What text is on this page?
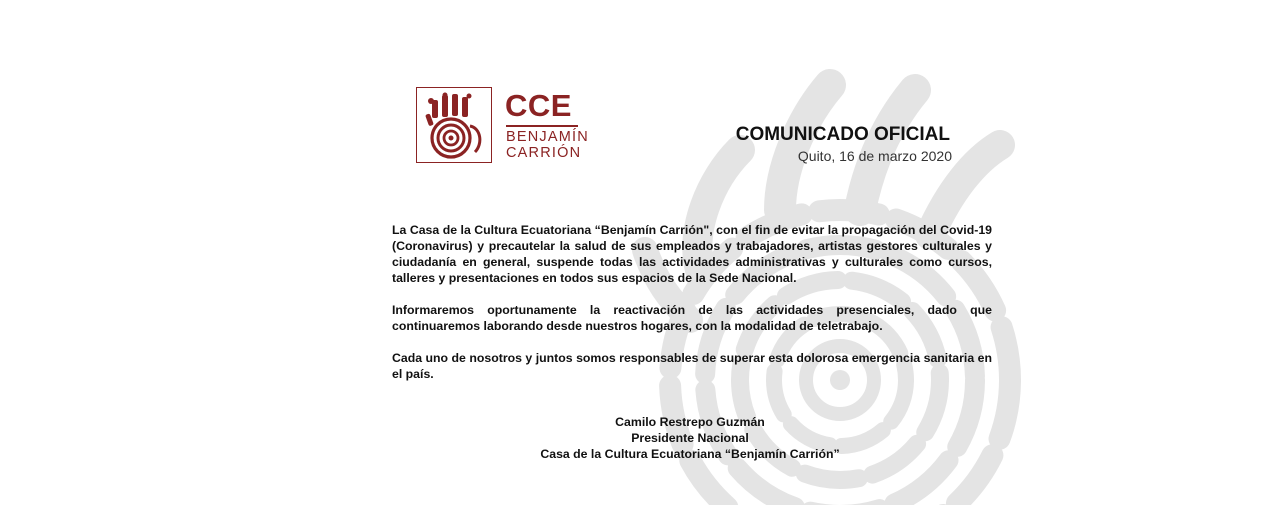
CCE
BENJAMÍN
CARRIÓN
COMUNICADO OFICIAL
Quito, 16 de marzo 2020

La Casa de la Cultura Ecuatoriana “Benjamín Carrión", con el fin de evitar la propagación del Covid-19 (Coronavirus) y precautelar la salud de sus empleados y trabajadores, artistas gestores culturales y ciudadanía en general, suspende todas las actividades administrativas y culturales como cursos, talleres y presentaciones en todos sus espacios de la Sede Nacional.

Informaremos oportunamente la reactivación de las actividades presenciales, dado que continuaremos laborando desde nuestros hogares, con la modalidad de teletrabajo.

Cada uno de nosotros y juntos somos responsables de superar esta dolorosa emergencia sanitaria en el país.

Camilo Restrepo Guzmán
Presidente Nacional
Casa de la Cultura Ecuatoriana “Benjamín Carrión”
